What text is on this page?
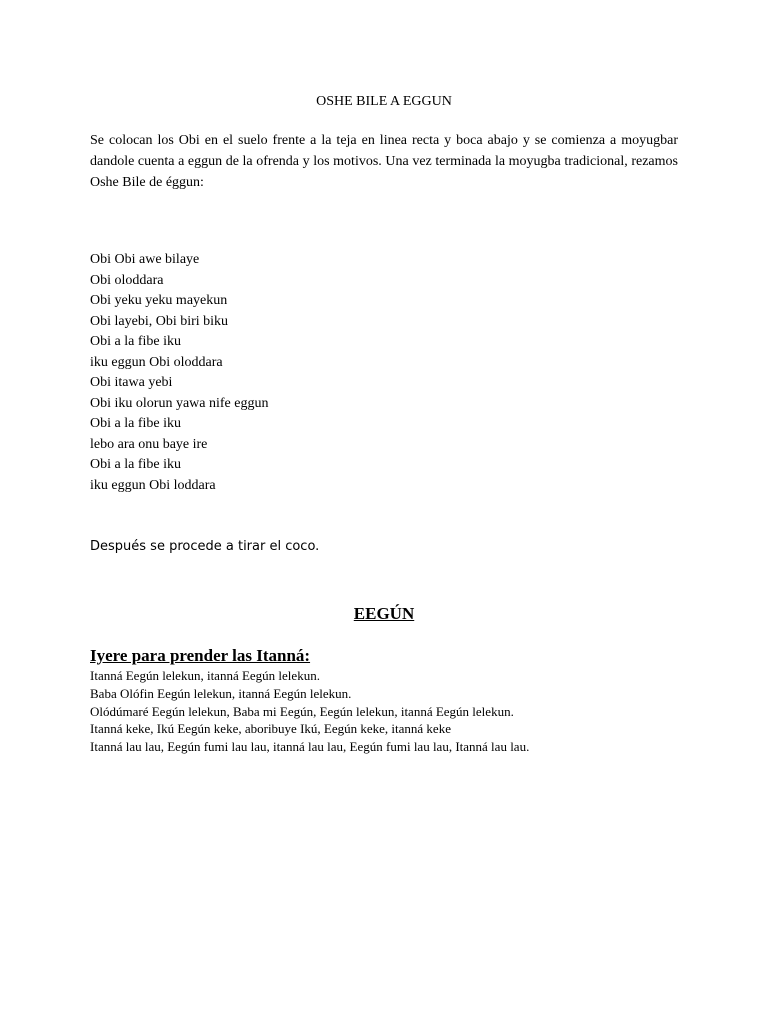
OSHE BILE A EGGUN
Se colocan los Obi en el suelo frente a la teja en linea recta y boca abajo y se comienza a moyugbar dandole cuenta a eggun de la ofrenda y los motivos. Una vez terminada la moyugba tradicional, rezamos Oshe Bile de éggun:
Obi Obi awe bilaye
Obi oloddara
Obi yeku yeku mayekun
Obi layebi, Obi biri biku
Obi a la fibe iku
iku eggun Obi oloddara
Obi itawa yebi
Obi iku olorun yawa nife eggun
Obi a la fibe iku
lebo ara onu baye ire
Obi a la fibe iku
iku eggun Obi loddara
Después se procede a tirar el coco.
EEGÚN
Iyere para prender las Itanná:
Itanná Eegún lelekun, itanná Eegún lelekun.
Baba Olófin Eegún lelekun, itanná Eegún lelekun.
Olódúmaré Eegún lelekun, Baba mi Eegún, Eegún lelekun, itanná Eegún lelekun.
Itanná keke, Ikú Eegún keke, aboribuye Ikú, Eegún keke, itanná keke
Itanná lau lau, Eegún fumi lau lau, itanná lau lau, Eegún fumi lau lau, Itanná lau lau.
